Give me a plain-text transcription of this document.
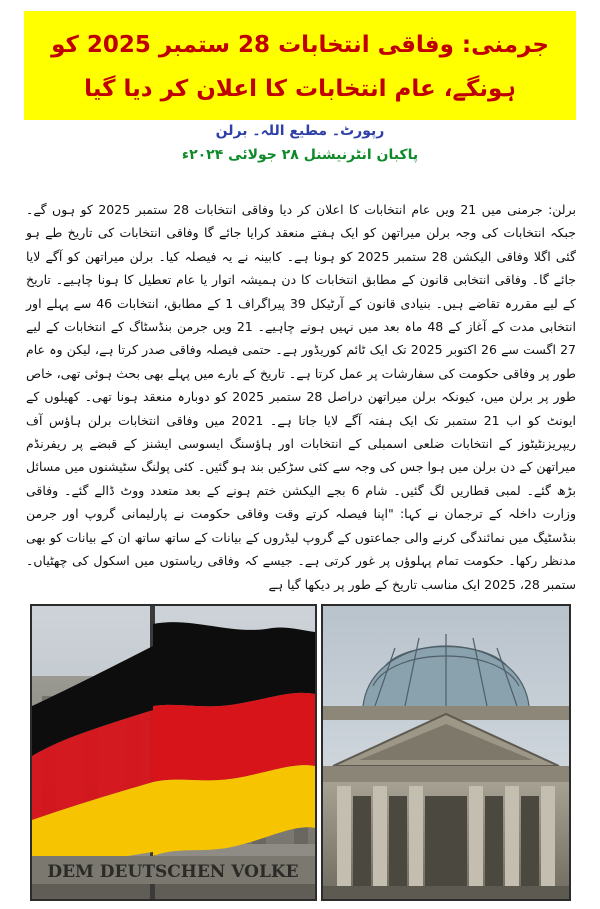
جرمنی: وفاقی انتخابات 28 ستمبر 2025 کو ہونگے، عام انتخابات کا اعلان کر دیا گیا
رپورٹ۔ مطیع اللہ۔ برلن
پاکبان انٹرنیشنل ۲۸ جولائی ۲۰۲۴ء

برلن: جرمنی میں 21 ویں عام انتخابات کا اعلان کر دیا وفاقی انتخابات 28 ستمبر 2025 کو ہوں گے۔ جبکہ انتخابات کی وجہ برلن میراتھن کو ایک ہفتے منعقد کرایا جائے گا وفاقی انتخابات کی تاریخ طے ہو گئی اگلا وفاقی الیکشن 28 ستمبر 2025 کو ہونا ہے۔ کابینہ نے یہ فیصلہ کیا۔ برلن میراتھن کو آگے لایا جائے گا۔ وفاقی انتخابی قانون کے مطابق انتخابات کا دن ہمیشہ اتوار یا عام تعطیل کا ہونا چاہیے۔ تاریخ کے لیے مقررہ تقاضے ہیں۔ بنیادی قانون کے آرٹیکل 39 پیراگراف 1 کے مطابق، انتخابات 46 سے پہلے اور انتخابی مدت کے آغاز کے 48 ماہ بعد میں نہیں ہونے چاہیے۔ 21 ویں جرمن بنڈسٹاگ کے انتخابات کے لیے 27 اگست سے 26 اکتوبر 2025 تک ایک ٹائم کوریڈور ہے۔ حتمی فیصلہ وفاقی صدر کرتا ہے، لیکن وہ عام طور پر وفاقی حکومت کی سفارشات پر عمل کرتا ہے۔ تاریخ کے بارے میں پہلے بھی بحث ہوئی تھی، خاص طور پر برلن میں، کیونکہ برلن میراتھن دراصل 28 ستمبر 2025 کو دوبارہ منعقد ہونا تھی۔ کھیلوں کے ایونٹ کو اب 21 ستمبر تک ایک ہفتہ آگے لایا جاتا ہے۔ 2021 میں وفاقی انتخابات برلن ہاؤس آف ریپریزنٹیٹوز کے انتخابات ضلعی اسمبلی کے انتخابات اور ہاؤسنگ ایسوسی ایشنز کے قبضے پر ریفرنڈم میراتھن کے دن برلن میں ہوا جس کی وجہ سے کئی سڑکیں بند ہو گئیں۔ کئی پولنگ سٹیشنوں میں مسائل بڑھ گئے۔ لمبی قطاریں لگ گئیں۔ شام 6 بجے الیکشن ختم ہونے کے بعد متعدد ووٹ ڈالے گئے۔ وفاقی وزارت داخلہ کے ترجمان نے کہا: "اپنا فیصلہ کرتے وقت وفاقی حکومت نے پارلیمانی گروپ اور جرمن بنڈسٹیگ میں نمائندگی کرنے والی جماعتوں کے گروپ لیڈروں کے بیانات کے ساتھ ساتھ ان کے بیانات کو بھی مدنظر رکھا۔ حکومت تمام پہلوؤں پر غور کرتی ہے۔ جیسے کہ وفاقی ریاستوں میں اسکول کی چھٹیاں۔ ستمبر 28، 2025 ایک مناسب تاریخ کے طور پر دیکھا گیا ہے

DEM DEUTSCHEN VOLKE
